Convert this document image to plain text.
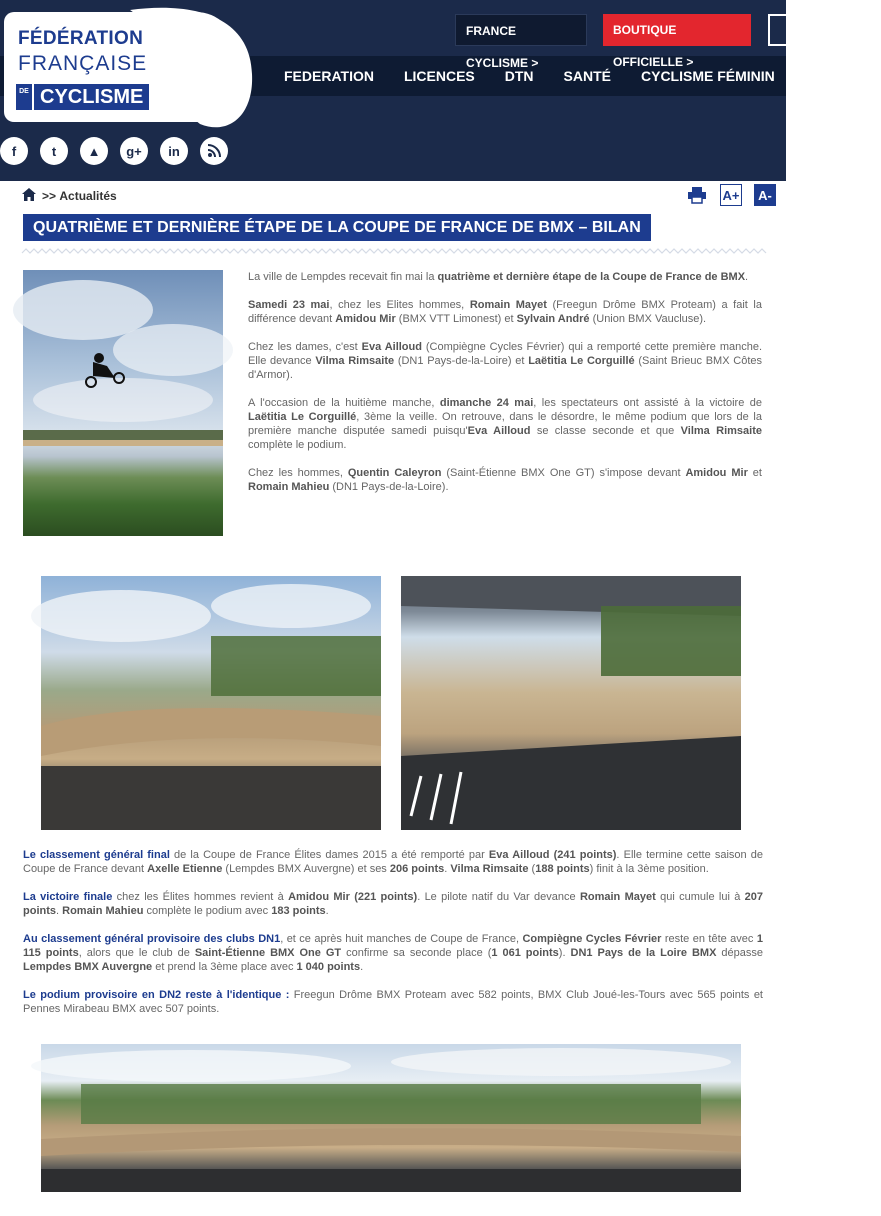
FÉDÉRATION
FRANÇAISE
DE CYCLISME
FRANCE CYCLISME >
BOUTIQUE OFFICIELLE >
FEDERATION LICENCES DTN SANTÉ CYCLISME FÉMININ LOISIR
f	t	▲	g+	in
>>
Actualités	A+	A-
QUATRIÈME ET DERNIÈRE ÉTAPE DE LA COUPE DE FRANCE DE BMX – BILAN

La ville de Lempdes recevait fin mai la quatrième et dernière étape de la Coupe de France de BMX.

Samedi 23 mai, chez les Elites hommes, Romain Mayet (Freegun Drôme BMX Proteam) a fait la différence devant Amidou Mir (BMX VTT Limonest) et Sylvain André (Union BMX Vaucluse).

Chez les dames, c'est Eva Ailloud (Compiègne Cycles Février) qui a remporté cette première manche. Elle devance Vilma Rimsaite (DN1 Pays-de-la-Loire) et Laëtitia Le Corguillé (Saint Brieuc BMX Côtes d'Armor).

A l'occasion de la huitième manche, dimanche 24 mai, les spectateurs ont assisté à la victoire de Laëtitia Le Corguillé, 3ème la veille. On retrouve, dans le désordre, le même podium que lors de la première manche disputée samedi puisqu'Eva Ailloud se classe seconde et que Vilma Rimsaite complète le podium.

Chez les hommes, Quentin Caleyron (Saint-Étienne BMX One GT) s'impose devant Amidou Mir et Romain Mahieu (DN1 Pays-de-la-Loire).

Le classement général final de la Coupe de France Élites dames 2015 a été remporté par Eva Ailloud (241 points). Elle termine cette saison de Coupe de France devant Axelle Etienne (Lempdes BMX Auvergne) et ses 206 points. Vilma Rimsaite (188 points) finit à la 3ème position.

La victoire finale chez les Élites hommes revient à Amidou Mir (221 points). Le pilote natif du Var devance Romain Mayet qui cumule lui à 207 points. Romain Mahieu complète le podium avec 183 points.

Au classement général provisoire des clubs DN1, et ce après huit manches de Coupe de France, Compiègne Cycles Février reste en tête avec 1 115 points, alors que le club de Saint-Étienne BMX One GT confirme sa seconde place (1 061 points). DN1 Pays de la Loire BMX dépasse Lempdes BMX Auvergne et prend la 3ème place avec 1 040 points.

Le podium provisoire en DN2 reste à l'identique : Freegun Drôme BMX Proteam avec 582 points, BMX Club Joué-les-Tours avec 565 points et Pennes Mirabeau BMX avec 507 points.
